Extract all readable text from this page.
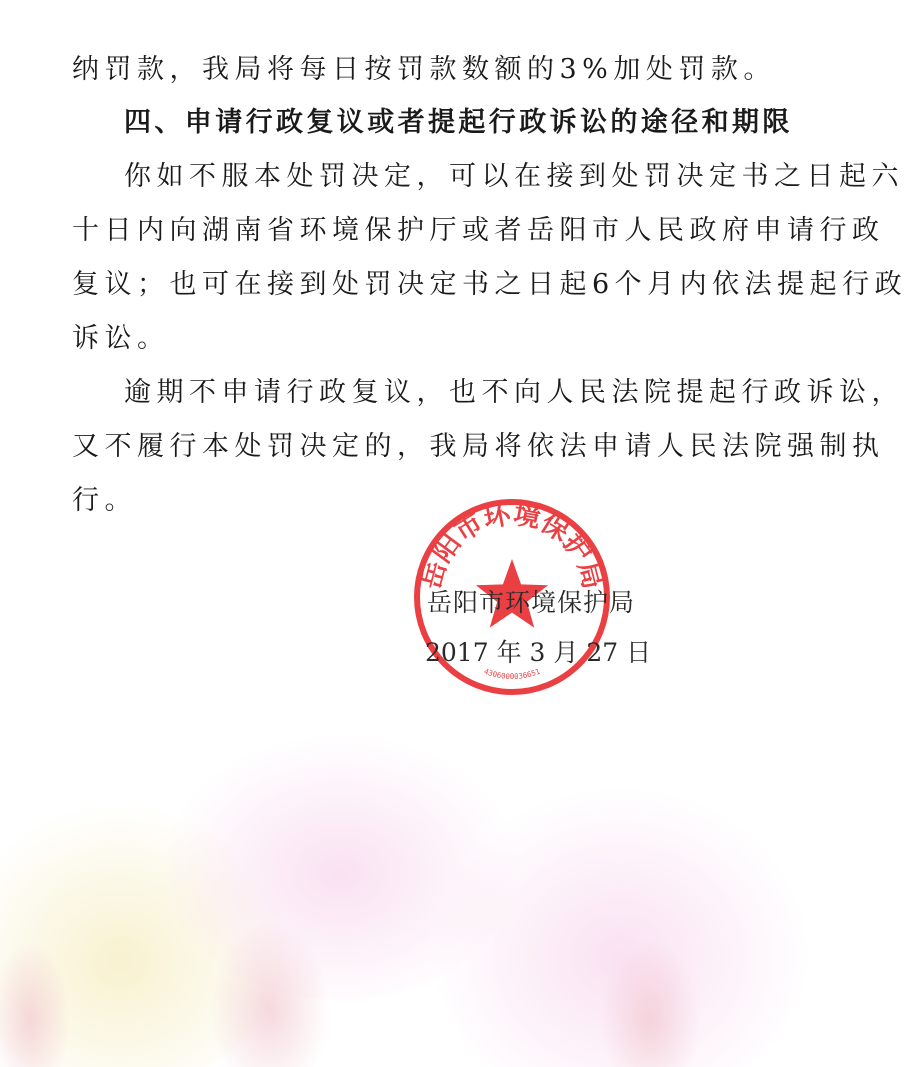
纳罚款，我局将每日按罚款数额的3%加处罚款。

四、申请行政复议或者提起行政诉讼的途径和期限

你如不服本处罚决定，可以在接到处罚决定书之日起六

十日内向湖南省环境保护厅或者岳阳市人民政府申请行政

复议；也可在接到处罚决定书之日起6个月内依法提起行政

诉讼。

逾期不申请行政复议，也不向人民法院提起行政诉讼，

又不履行本处罚决定的，我局将依法申请人民法院强制执

行。

岳阳市环境保护局
4306000036651

岳阳市环境保护局

2017 年 3 月 27 日
